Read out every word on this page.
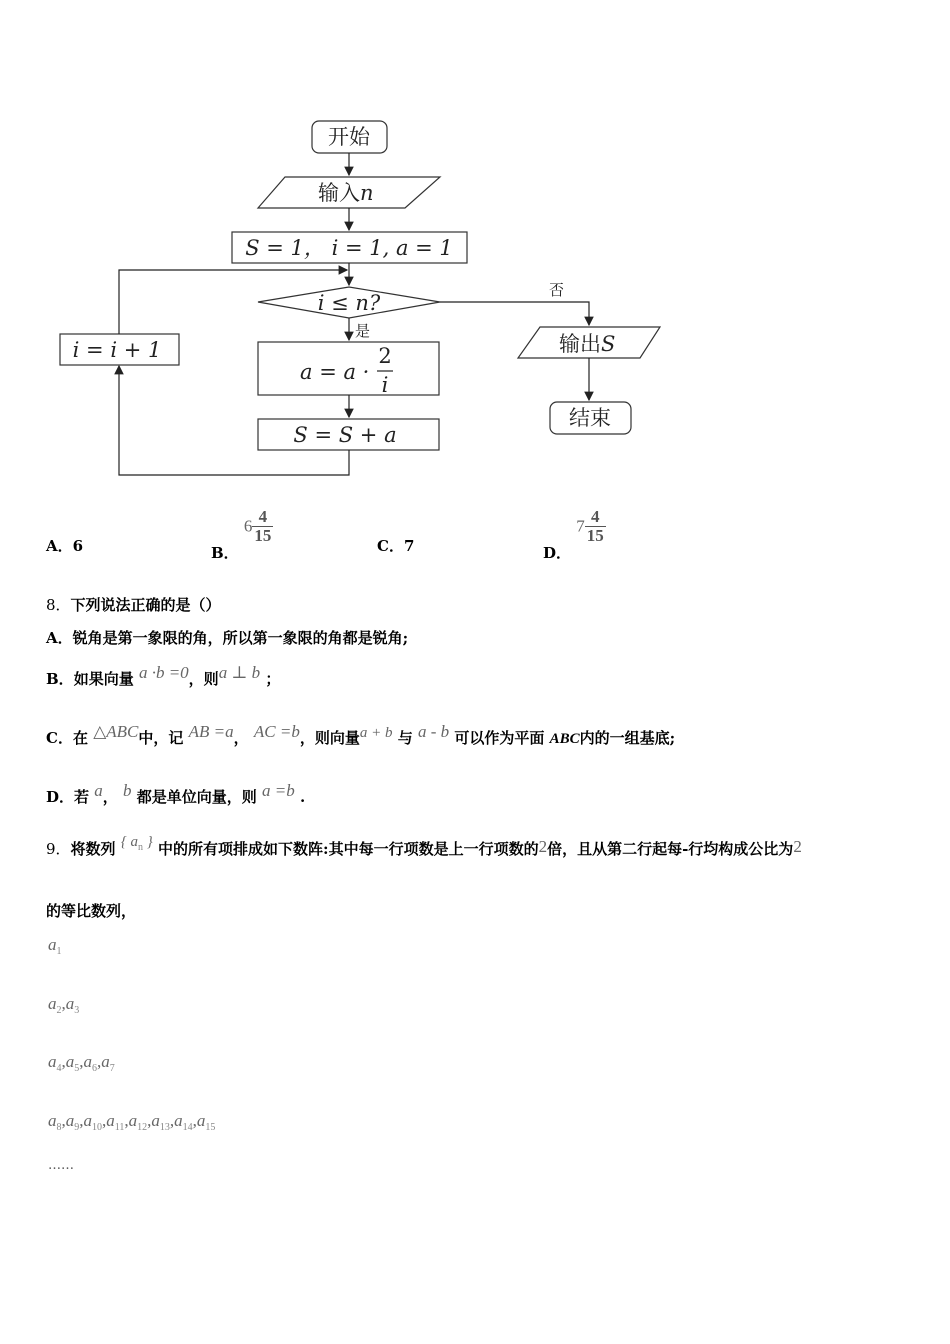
开始
输入n
S = 1， i = 1, a = 1
i ≤ n?
是
a = a ·
2
i
S = S + a
i = i + 1
否
输出S
结束
A．6	B． $6 \frac{4}{15}$
C．7	D． $7 \frac{4}{15}$
8．下列说法正确的是（）
A．锐角是第一象限的角，所以第一象限的角都是锐角;
B．如果向量 a ·b =0，则a ⊥ b ；
C．在 △ABC中，记 AB =a， AC =b，则向量a + b 与 a - b 可以作为平面 ABC内的一组基底;
D．若 a， b 都是单位向量，则 a =b .
9．将数列 { $a_n$ } 中的所有项排成如下数阵:其中每一行项数是上一行项数的2倍，且从第二行起每-行均构成公比为2
的等比数列，
$a_1$
$a_2,a_3$
$a_4,a_5,a_6,a_7$
$a_8,a_9,a_{10},a_{11},a_{12},a_{13},a_{14},a_{15}$
……
